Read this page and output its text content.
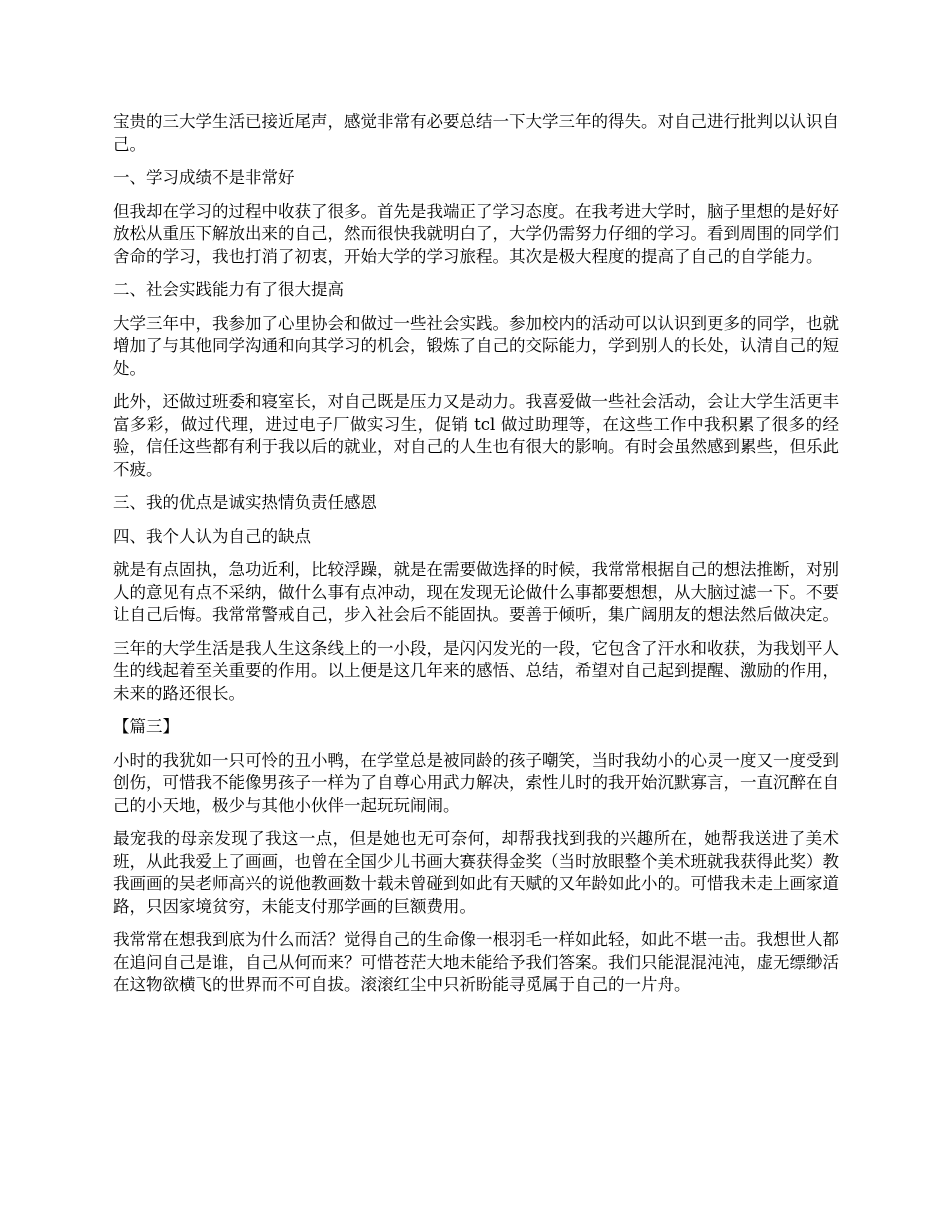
宝贵的三大学生活已接近尾声，感觉非常有必要总结一下大学三年的得失。对自己进行批判以认识自己。

一、学习成绩不是非常好

但我却在学习的过程中收获了很多。首先是我端正了学习态度。在我考进大学时，脑子里想的是好好放松从重压下解放出来的自己，然而很快我就明白了，大学仍需努力仔细的学习。看到周围的同学们舍命的学习，我也打消了初衷，开始大学的学习旅程。其次是极大程度的提高了自己的自学能力。

二、社会实践能力有了很大提高

大学三年中，我参加了心里协会和做过一些社会实践。参加校内的活动可以认识到更多的同学，也就增加了与其他同学沟通和向其学习的机会，锻炼了自己的交际能力，学到别人的长处，认清自己的短处。

此外，还做过班委和寝室长，对自己既是压力又是动力。我喜爱做一些社会活动，会让大学生活更丰富多彩，做过代理，进过电子厂做实习生，促销 tcl 做过助理等，在这些工作中我积累了很多的经验，信任这些都有利于我以后的就业，对自己的人生也有很大的影响。有时会虽然感到累些，但乐此不疲。

三、我的优点是诚实热情负责任感恩

四、我个人认为自己的缺点

就是有点固执，急功近利，比较浮躁，就是在需要做选择的时候，我常常根据自己的想法推断，对别人的意见有点不采纳，做什么事有点冲动，现在发现无论做什么事都要想想，从大脑过滤一下。不要让自己后悔。我常常警戒自己，步入社会后不能固执。要善于倾听，集广阔朋友的想法然后做决定。

三年的大学生活是我人生这条线上的一小段，是闪闪发光的一段，它包含了汗水和收获，为我划平人生的线起着至关重要的作用。以上便是这几年来的感悟、总结，希望对自己起到提醒、激励的作用，未来的路还很长。

【篇三】

小时的我犹如一只可怜的丑小鸭，在学堂总是被同龄的孩子嘲笑，当时我幼小的心灵一度又一度受到创伤，可惜我不能像男孩子一样为了自尊心用武力解决，索性儿时的我开始沉默寡言，一直沉醉在自己的小天地，极少与其他小伙伴一起玩玩闹闹。

最宠我的母亲发现了我这一点，但是她也无可奈何，却帮我找到我的兴趣所在，她帮我送进了美术班，从此我爱上了画画，也曾在全国少儿书画大赛获得金奖（当时放眼整个美术班就我获得此奖）教我画画的吴老师高兴的说他教画数十载未曾碰到如此有天赋的又年龄如此小的。可惜我未走上画家道路，只因家境贫穷，未能支付那学画的巨额费用。

我常常在想我到底为什么而活？觉得自己的生命像一根羽毛一样如此轻，如此不堪一击。我想世人都在追问自己是谁，自己从何而来？可惜苍茫大地未能给予我们答案。我们只能混混沌沌，虚无缥缈活在这物欲横飞的世界而不可自拔。滚滚红尘中只祈盼能寻觅属于自己的一片舟。
